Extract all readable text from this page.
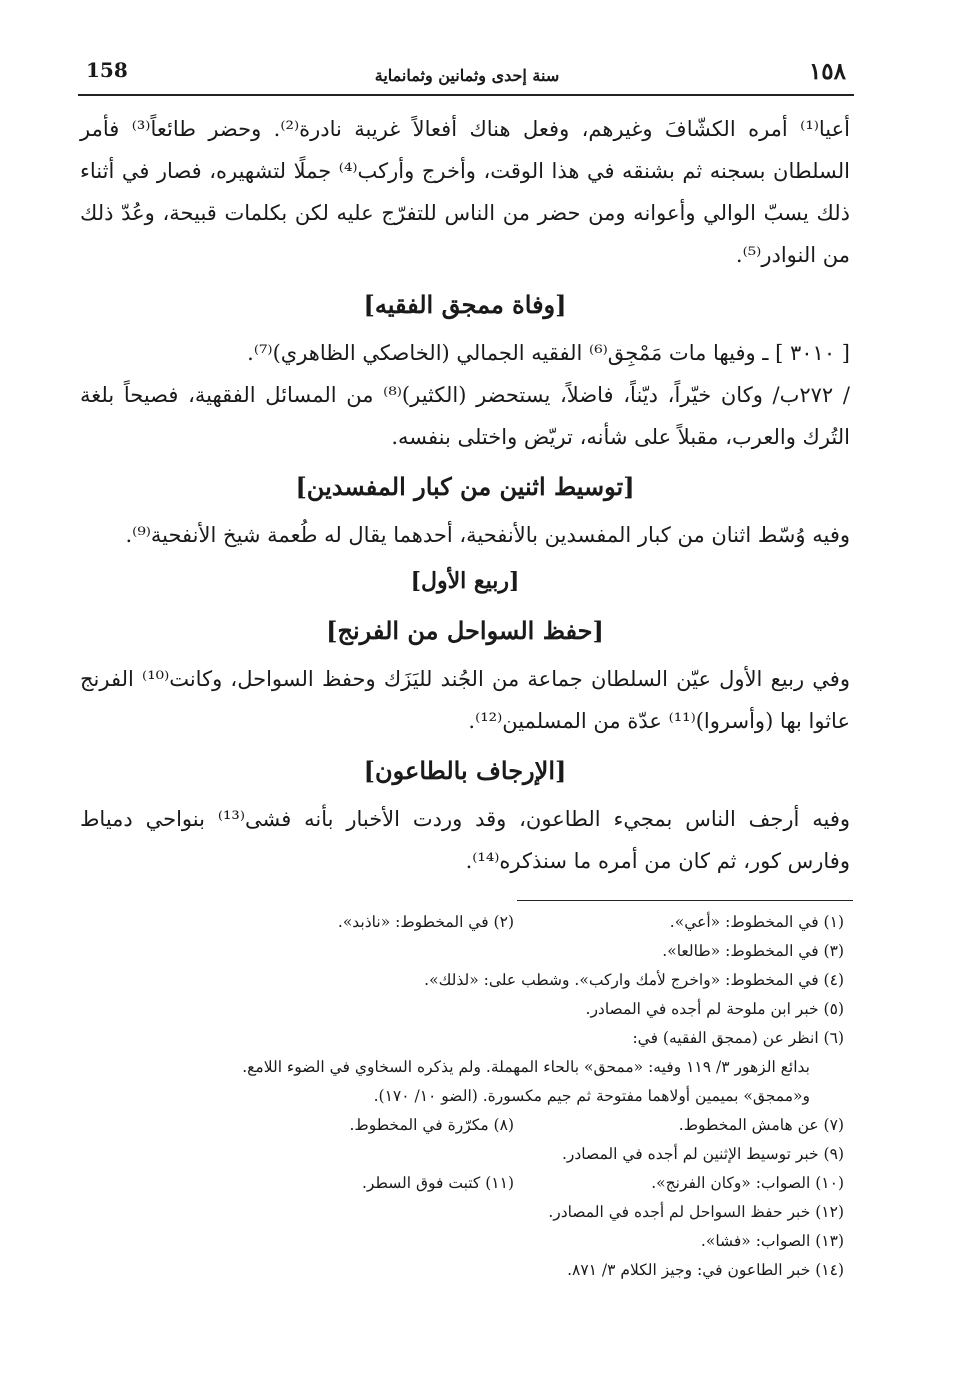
158	سنة إحدى وثمانين وثمانماية	١٥٨

أعيا⁽¹⁾ أمره الكشّافَ وغيرهم، وفعل هناك أفعالاً غريبة نادرة⁽²⁾. وحضر طائعاً⁽³⁾ فأمر السلطان بسجنه ثم بشنقه في هذا الوقت، وأخرج وأركب⁽⁴⁾ جملًا لتشهيره، فصار في أثناء ذلك يسبّ الوالي وأعوانه ومن حضر من الناس للتفرّج عليه لكن بكلمات قبيحة، وعُدّ ذلك من النوادر⁽⁵⁾.

[وفاة ممجق الفقيه]

[ ٣٠١٠ ] ـ وفيها مات مَمْجِق⁽⁶⁾ الفقيه الجمالي (الخاصكي الظاهري)⁽⁷⁾.

/ ٢٧٢ب/ وكان خيّراً، ديّناً، فاضلاً، يستحضر (الكثير)⁽⁸⁾ من المسائل الفقهية، فصيحاً بلغة التُرك والعرب، مقبلاً على شأنه، تريّض واختلى بنفسه.

[توسيط اثنين من كبار المفسدين]

وفيه وُسّط اثنان من كبار المفسدين بالأنفحية، أحدهما يقال له طُعمة شيخ الأنفحية⁽⁹⁾.

[ربيع الأول]
[حفظ السواحل من الفرنج]

وفي ربيع الأول عيّن السلطان جماعة من الجُند لليَزَك وحفظ السواحل، وكانت⁽¹⁰⁾ الفرنج عاثوا بها (وأسروا)⁽¹¹⁾ عدّة من المسلمين⁽¹²⁾.

[الإرجاف بالطاعون]

وفيه أرجف الناس بمجيء الطاعون، وقد وردت الأخبار بأنه فشى⁽¹³⁾ بنواحي دمياط وفارس كور، ثم كان من أمره ما سنذكره⁽¹⁴⁾.

(١) في المخطوط: «أعي».
(٢) في المخطوط: «ناذبد».
(٣) في المخطوط: «طالعا».
(٤) في المخطوط: «واخرج لأمك واركب». وشطب على: «لذلك».
(٥) خبر ابن ملوحة لم أجده في المصادر.
(٦) انظر عن (ممجق الفقيه) في:
بدائع الزهور ٣/ ١١٩ وفيه: «ممحق» بالحاء المهملة. ولم يذكره السخاوي في الضوء اللامع.
و«ممجق» بميمين أولاهما مفتوحة ثم جيم مكسورة. (الضو ١٠/ ١٧٠).
(٧) عن هامش المخطوط.
(٨) مكرّرة في المخطوط.
(٩) خبر توسيط الإثنين لم أجده في المصادر.
(١٠) الصواب: «وكان الفرنج».
(١١) كتبت فوق السطر.
(١٢) خبر حفظ السواحل لم أجده في المصادر.
(١٣) الصواب: «فشا».
(١٤) خبر الطاعون في: وجيز الكلام ٣/ ٨٧١.
